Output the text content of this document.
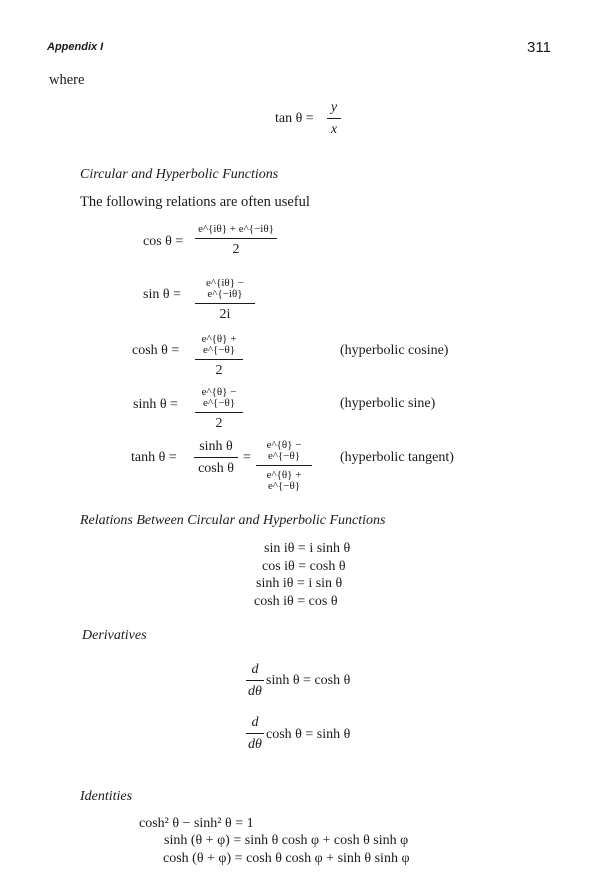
Appendix I	311
where
tan θ =
y
x
Circular and Hyperbolic Functions
The following relations are often useful
cos θ =
e^{iθ} + e^{−iθ}
2
sin θ =
e^{iθ} − e^{−iθ}
2i
cosh θ =
e^{θ} + e^{−θ}
2
(hyperbolic cosine)
sinh θ =
e^{θ} − e^{−θ}
2
(hyperbolic sine)
tanh θ =
sinh θ
cosh θ
=
e^{θ} − e^{−θ}
e^{θ} + e^{−θ}
(hyperbolic tangent)
Relations Between Circular and Hyperbolic Functions
sin iθ = i sinh θ
cos iθ = cosh θ
sinh iθ = i sin θ
cosh iθ = cos θ
Derivatives
d
dθ
sinh θ = cosh θ
d
dθ
cosh θ = sinh θ
Identities
cosh² θ − sinh² θ = 1
sinh (θ + φ) = sinh θ cosh φ + cosh θ sinh φ
cosh (θ + φ) = cosh θ cosh φ + sinh θ sinh φ
